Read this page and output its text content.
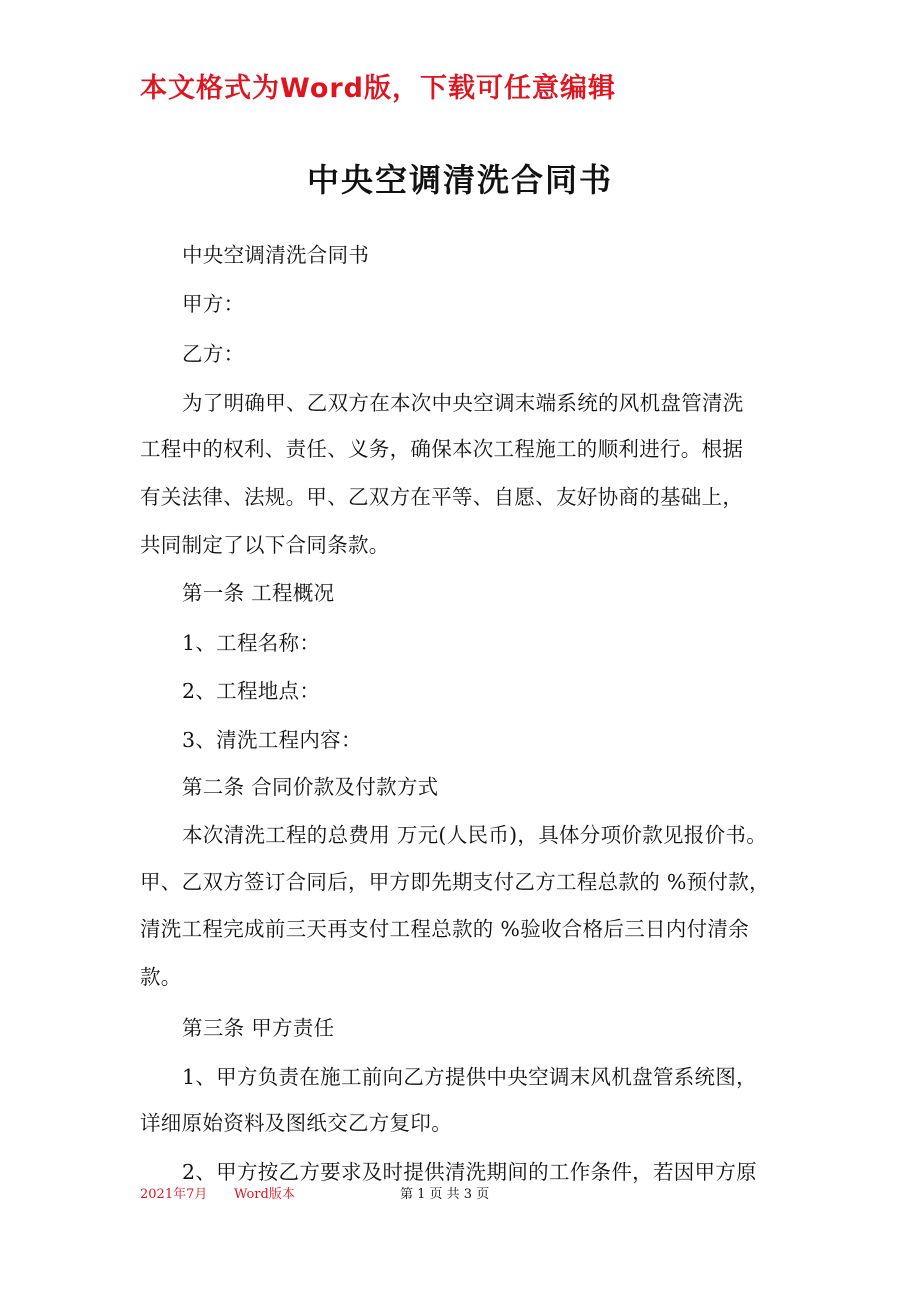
本文格式为Word版，下载可任意编辑
中央空调清洗合同书
中央空调清洗合同书
甲方：
乙方：
为了明确甲、乙双方在本次中央空调末端系统的风机盘管清洗
工程中的权利、责任、义务，确保本次工程施工的顺利进行。根据
有关法律、法规。甲、乙双方在平等、自愿、友好协商的基础上，
共同制定了以下合同条款。
第一条 工程概况
1、工程名称：
2、工程地点：
3、清洗工程内容：
第二条 合同价款及付款方式
本次清洗工程的总费用 万元(人民币)，具体分项价款见报价书。
甲、乙双方签订合同后，甲方即先期支付乙方工程总款的 %预付款，
清洗工程完成前三天再支付工程总款的 %验收合格后三日内付清余
款。
第三条 甲方责任
1、甲方负责在施工前向乙方提供中央空调末风机盘管系统图，
详细原始资料及图纸交乙方复印。
2、甲方按乙方要求及时提供清洗期间的工作条件，若因甲方原
2021年7月 Word版本	第 1 页 共 3 页
